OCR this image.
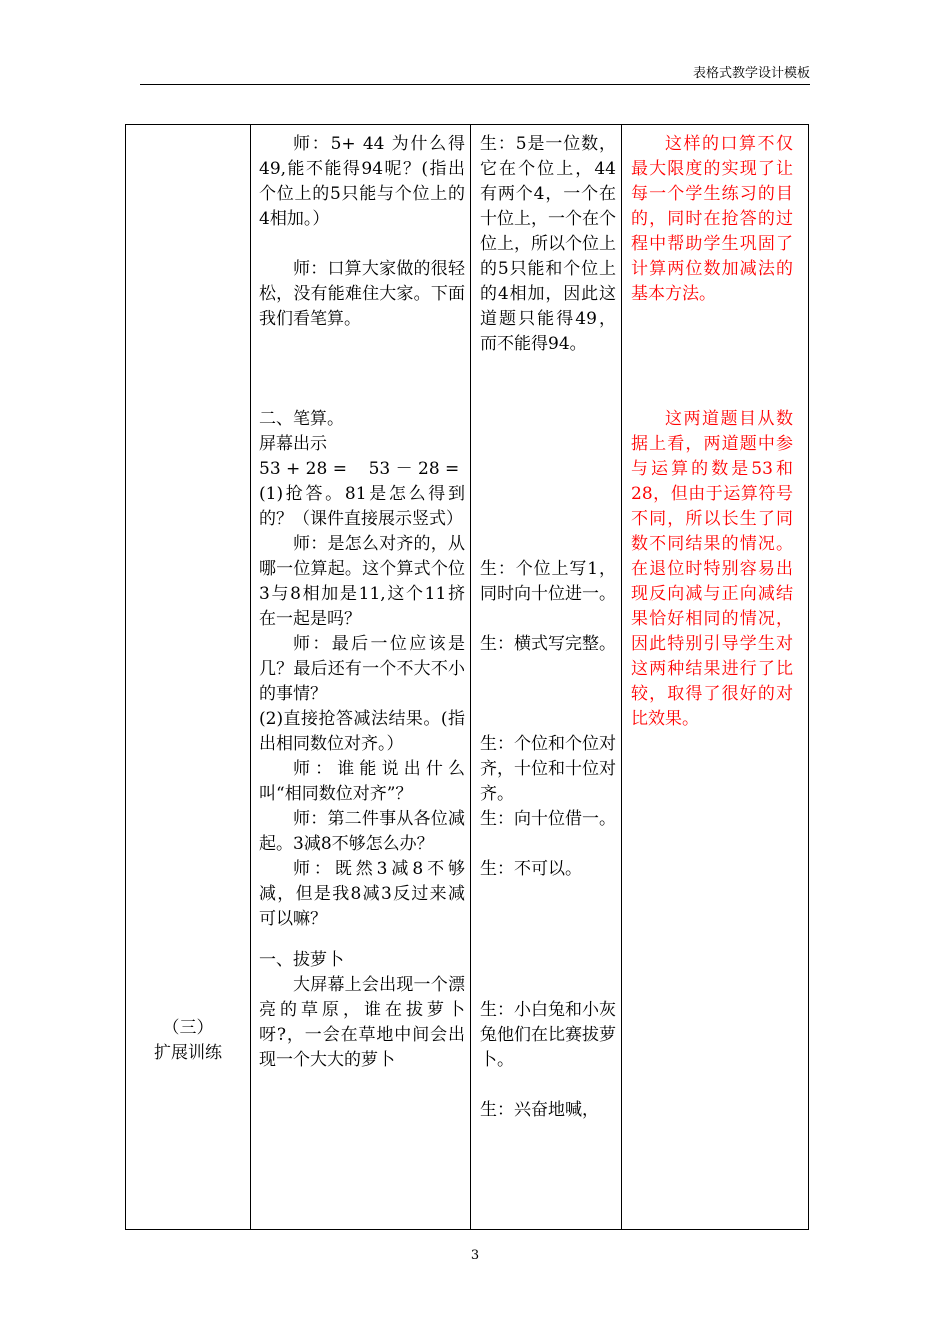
表格式教学设计模板
（三）
扩展训练

师：5+ 44 为什么得49,能不能得94呢？(指出个位上的5只能与个位上的4相加。）

师：口算大家做的很轻松，没有能难住大家。下面我们看笔算。

二、笔算。

屏幕出示

53 + 28 =    53 － 28 =

(1)抢答。81是怎么得到的？（课件直接展示竖式）

师：是怎么对齐的，从哪一位算起。这个算式个位3与8相加是11,这个11挤在一起是吗？

师：最后一位应该是几？最后还有一个不大不小的事情？

(2)直接抢答减法结果。(指出相同数位对齐。）

师：谁能说出什么叫“相同数位对齐”？

师：第二件事从各位减起。3减8不够怎么办？

师：既然3减8不够减，但是我8减3反过来减可以嘛？

一、拔萝卜

大屏幕上会出现一个漂亮的草原，谁在拔萝卜呀?，一会在草地中间会出现一个大大的萝卜

生：5是一位数，它在个位上，44有两个4，一个在十位上，一个在个位上，所以个位上的5只能和个位上的4相加，因此这道题只能得49，而不能得94。

生：个位上写1，同时向十位进一。

生：横式写完整。

生：个位和个位对齐，十位和十位对齐。

生：向十位借一。

生：不可以。

生：小白兔和小灰兔他们在比赛拔萝卜。

生：兴奋地喊，

这样的口算不仅最大限度的实现了让每一个学生练习的目的，同时在抢答的过程中帮助学生巩固了计算两位数加减法的基本方法。

这两道题目从数据上看，两道题中参与运算的数是53和28，但由于运算符号不同，所以长生了同数不同结果的情况。在退位时特别容易出现反向减与正向减结果恰好相同的情况，因此特别引导学生对这两种结果进行了比较，取得了很好的对比效果。

3
